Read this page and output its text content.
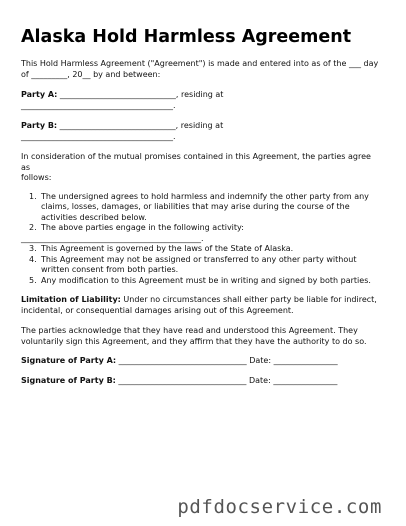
Alaska Hold Harmless Agreement

This Hold Harmless Agreement ("Agreement") is made and entered into as of the ___ day

of _________, 20__ by and between:

Party A: _____________________________, residing at

______________________________________.

Party B: _____________________________, residing at

______________________________________.

In consideration of the mutual promises contained in this Agreement, the parties agree as

follows:

1. The undersigned agrees to hold harmless and indemnify the other party from any
claims, losses, damages, or liabilities that may arise during the course of the
activities described below.
2. The above parties engage in the following activity:
_____________________________________________.
3. This Agreement is governed by the laws of the State of Alaska.
4. This Agreement may not be assigned or transferred to any other party without
written consent from both parties.
5. Any modification to this Agreement must be in writing and signed by both parties.

Limitation of Liability: Under no circumstances shall either party be liable for indirect,

incidental, or consequential damages arising out of this Agreement.

The parties acknowledge that they have read and understood this Agreement. They

voluntarily sign this Agreement, and they affirm that they have the authority to do so.

Signature of Party A: ________________________________ Date: ________________

Signature of Party B: ________________________________ Date: ________________

pdfdocservice.com
